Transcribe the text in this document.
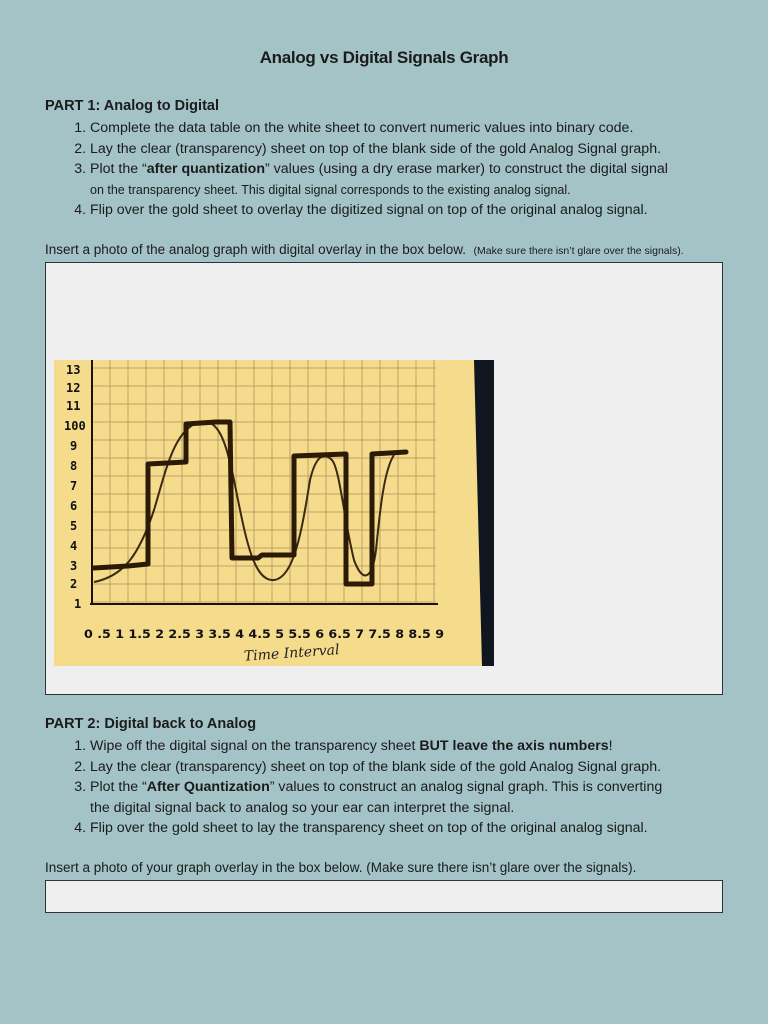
Analog vs Digital Signals Graph
PART 1: Analog to Digital
1. Complete the data table on the white sheet to convert numeric values into binary code.
2. Lay the clear (transparency) sheet on top of the blank side of the gold Analog Signal graph.
3. Plot the “after quantization” values (using a dry erase marker) to construct the digital signal
on the transparency sheet. This digital signal corresponds to the existing analog signal.
4. Flip over the gold sheet to overlay the digitized signal on top of the original analog signal.
Insert a photo of the analog graph with digital overlay in the box below. (Make sure there isn’t glare over the signals).
13
12
11
100
9
8
7
6
5
4
3
2
1
0 .5 1 1.5 2 2.5 3 3.5 4 4.5 5 5.5 6 6.5 7 7.5 8 8.5 9
Time Interval
PART 2: Digital back to Analog
1. Wipe off the digital signal on the transparency sheet BUT leave the axis numbers!
2. Lay the clear (transparency) sheet on top of the blank side of the gold Analog Signal graph.
3. Plot the “After Quantization” values to construct an analog signal graph. This is converting
the digital signal back to analog so your ear can interpret the signal.
4. Flip over the gold sheet to lay the transparency sheet on top of the original analog signal.
Insert a photo of your graph overlay in the box below. (Make sure there isn’t glare over the signals).
